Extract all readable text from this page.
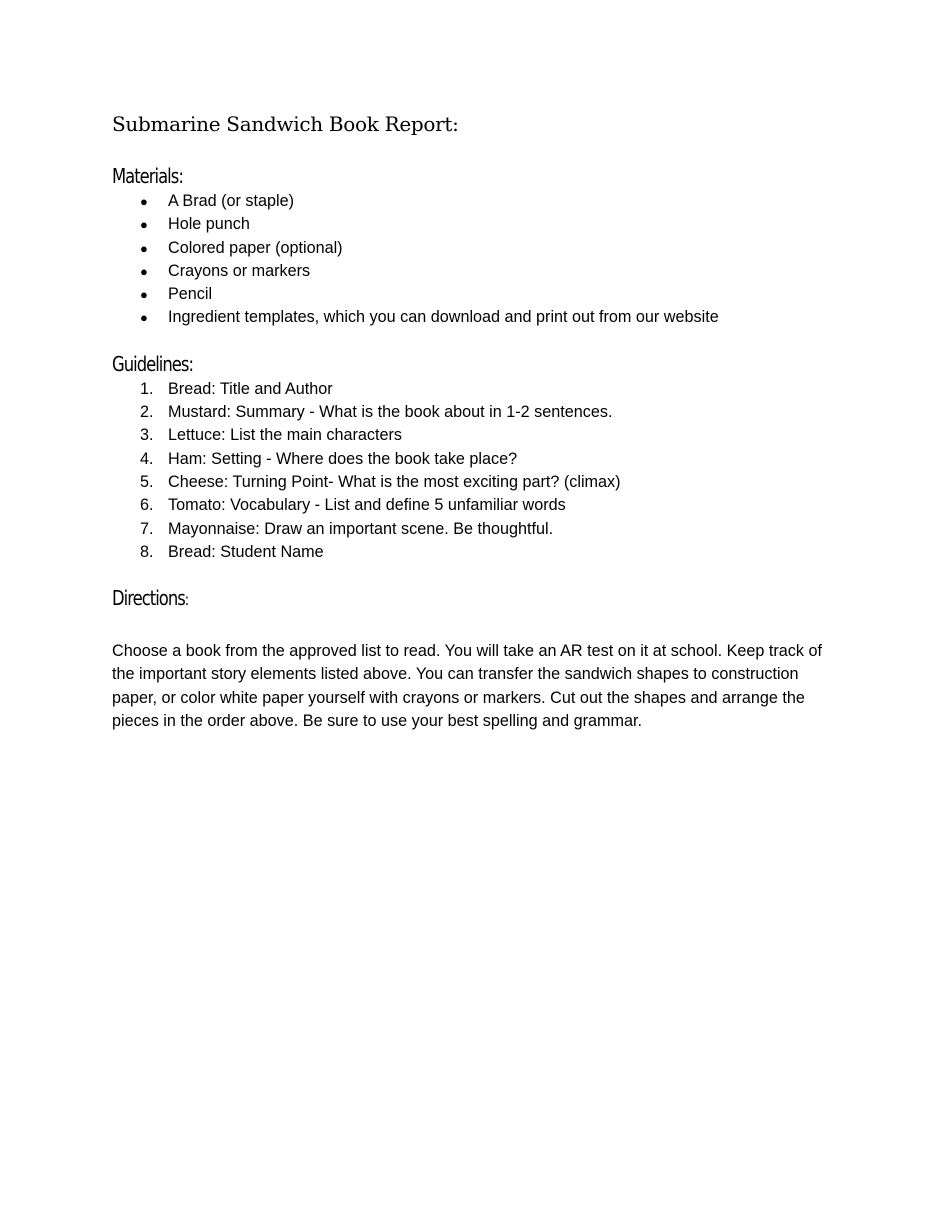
Submarine Sandwich Book Report:
Materials:
● A Brad (or staple)
● Hole punch
● Colored paper (optional)
● Crayons or markers
● Pencil
● Ingredient templates, which you can download and print out from our website
Guidelines:
1. Bread: Title and Author
2. Mustard: Summary - What is the book about in 1-2 sentences.
3. Lettuce: List the main characters
4. Ham: Setting - Where does the book take place?
5. Cheese: Turning Point- What is the most exciting part? (climax)
6. Tomato: Vocabulary - List and define 5 unfamiliar words
7. Mayonnaise: Draw an important scene. Be thoughtful.
8. Bread: Student Name
Directions:

Choose a book from the approved list to read. You will take an AR test on it at school. Keep track of the important story elements listed above. You can transfer the sandwich shapes to construction paper, or color white paper yourself with crayons or markers. Cut out the shapes and arrange the pieces in the order above. Be sure to use your best spelling and grammar.
